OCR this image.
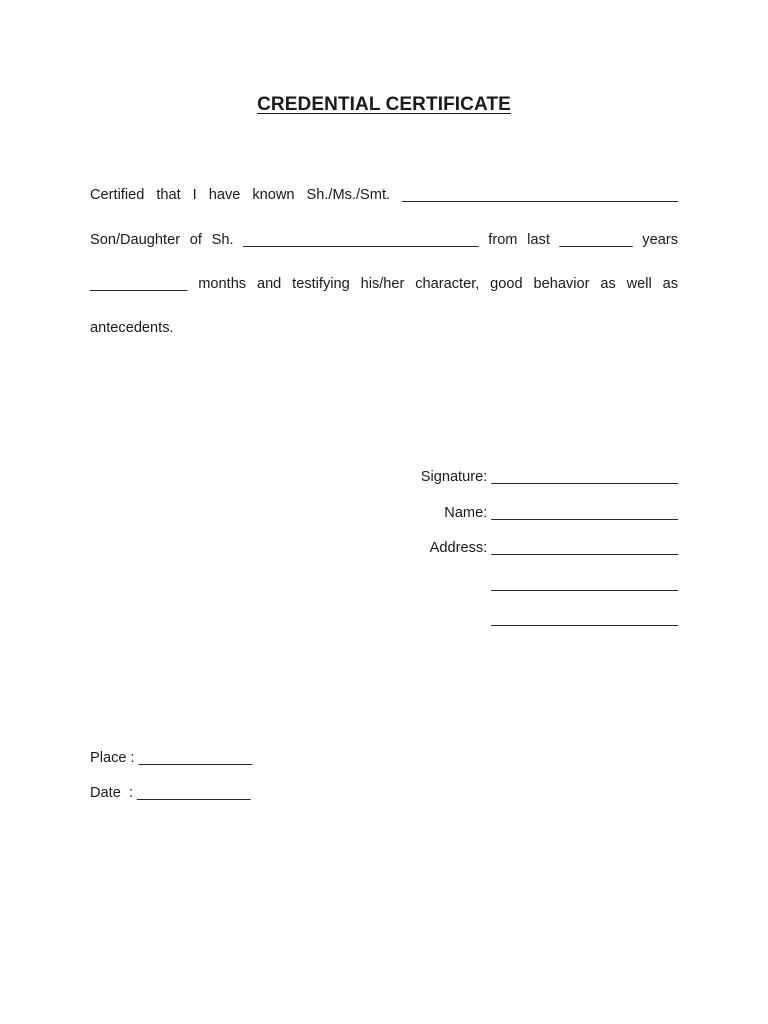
CREDENTIAL CERTIFICATE
Certified that I have known Sh./Ms./Smt. __________________________________
Son/Daughter of Sh. _____________________________ from last _________ years
____________ months and testifying his/her character, good behavior as well as
antecedents.
Signature: _______________________
Name: _______________________
Address: _______________________
_______________________
_______________________
Place : ______________
Date  : ______________
